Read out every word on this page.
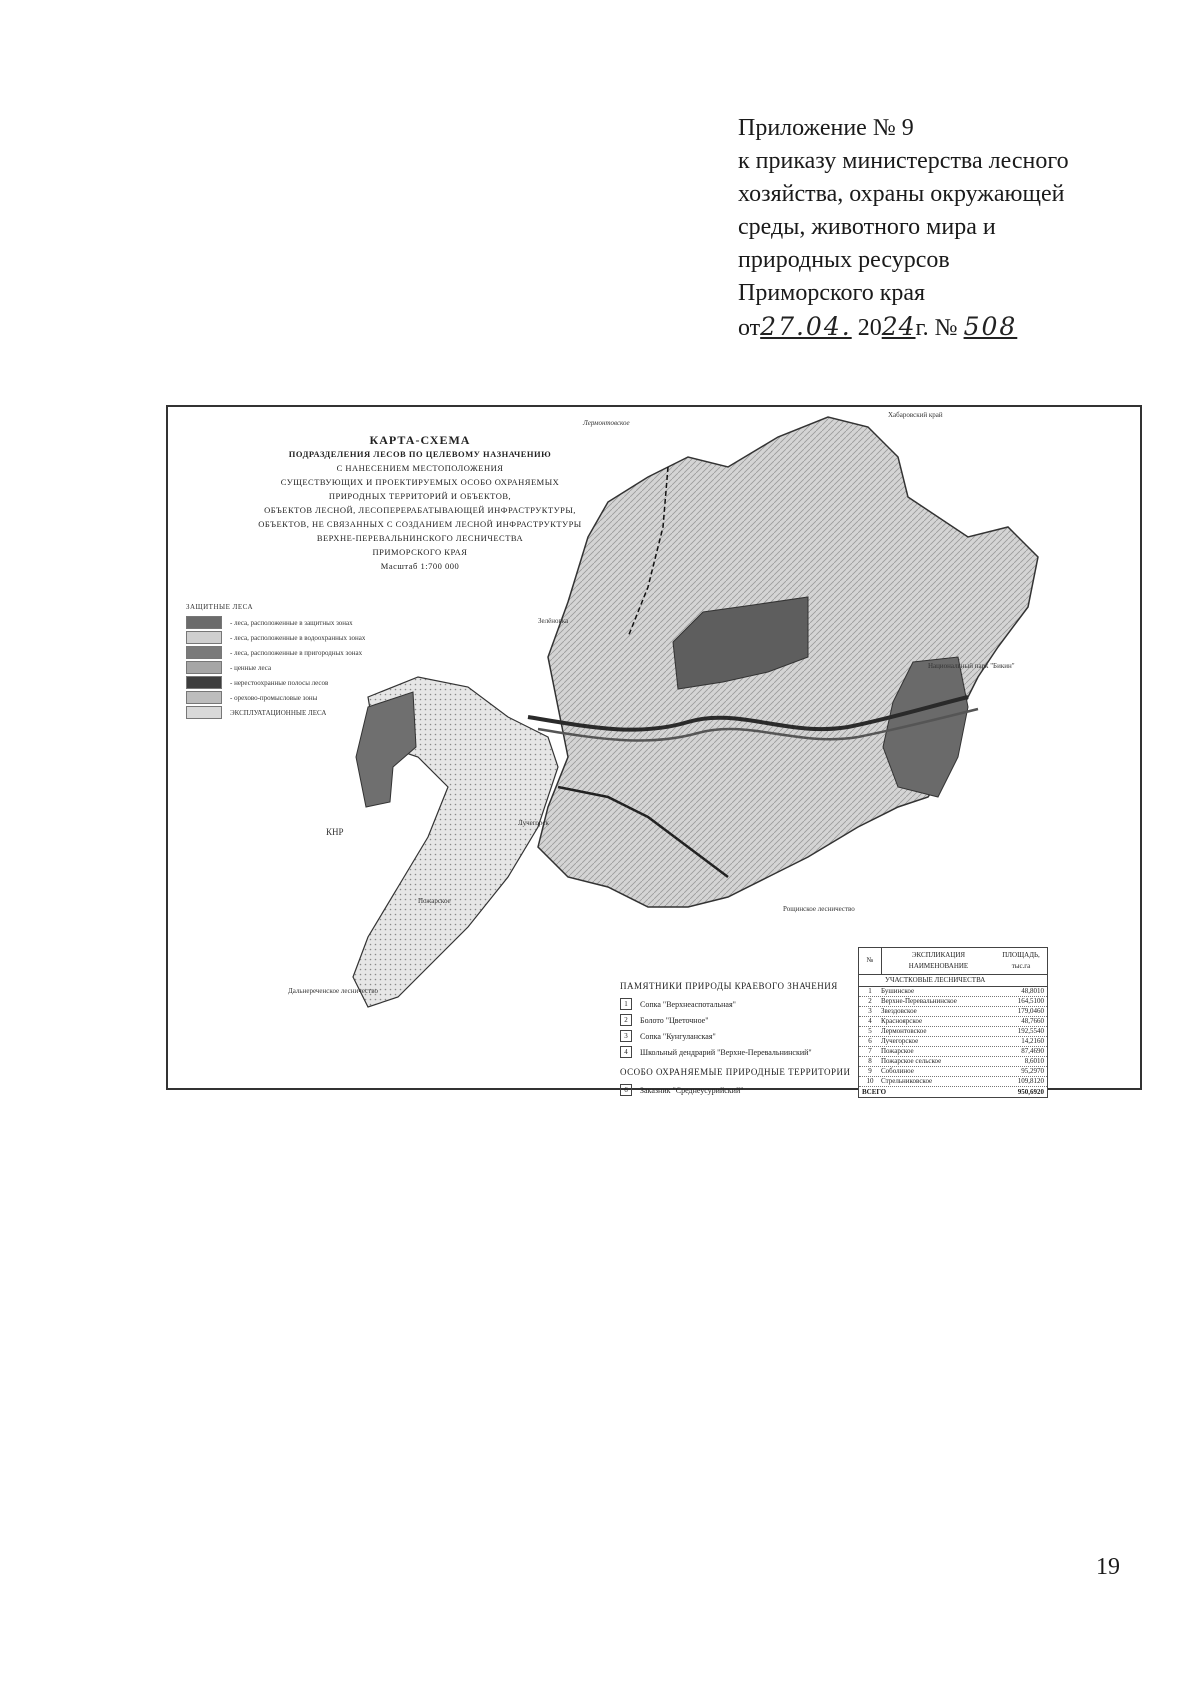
Приложение № 9
к приказу министерства лесного
хозяйства, охраны окружающей
среды, животного мира и
природных ресурсов
Приморского края
от27.04. 2024г. № 508
КАРТА-СХЕМА
ПОДРАЗДЕЛЕНИЯ ЛЕСОВ ПО ЦЕЛЕВОМУ НАЗНАЧЕНИЮ
С НАНЕСЕНИЕМ МЕСТОПОЛОЖЕНИЯ
СУЩЕСТВУЮЩИХ И ПРОЕКТИРУЕМЫХ ОСОБО ОХРАНЯЕМЫХ
ПРИРОДНЫХ ТЕРРИТОРИЙ И ОБЪЕКТОВ,
ОБЪЕКТОВ ЛЕСНОЙ, ЛЕСОПЕРЕРАБАТЫВАЮЩЕЙ ИНФРАСТРУКТУРЫ,
ОБЪЕКТОВ, НЕ СВЯЗАННЫХ С СОЗДАНИЕМ ЛЕСНОЙ ИНФРАСТРУКТУРЫ
ВЕРХНЕ-ПЕРЕВАЛЬНИНСКОГО ЛЕСНИЧЕСТВА
ПРИМОРСКОГО КРАЯ
Масштаб 1:700 000
ЗАЩИТНЫЕ ЛЕСА
- леса, расположенные в защитных зонах
- леса, расположенные в водоохранных зонах
- леса, расположенные в пригородных зонах
- ценные леса
- нерестоохранные полосы лесов
- орехово-промысловые зоны
ЭКСПЛУАТАЦИОННЫЕ ЛЕСА
Лермонтовское
Хабаровский край
Зелёновка
Национальный парк "Бикин"
КНР
Рощинское лесничество
Дальнереченское лесничество
Пожарское
Лучегорск
ПАМЯТНИКИ ПРИРОДЫ КРАЕВОГО ЗНАЧЕНИЯ
1	Сопка "Верхнеаспотальная"
2	Болото "Цветочное"
3	Сопка "Кунгуланская"
4	Школьный дендрарий "Верхне-Перевальнинский"
ОСОБО ОХРАНЯЕМЫЕ ПРИРОДНЫЕ ТЕРРИТОРИИ
6	Заказник "Среднеусурийский"
№
ЭКСПЛИКАЦИЯ НАИМЕНОВАНИЕ
ПЛОЩАДЬ, тыс.га
УЧАСТКОВЫЕ ЛЕСНИЧЕСТВА
1	Бушинское	48,8010
2	Верхне-Перевальнинское	164,5100
3	Звездовское	179,0460
4	Красноярское	48,7660
5	Лермонтовское	192,5540
6	Лучегорское	14,2160
7	Пожарское	87,4690
8	Пожарское сельское	8,6010
9	Соболиное	95,2970
10	Стрельниковское	109,8120
ВСЕГО	950,6920
19
